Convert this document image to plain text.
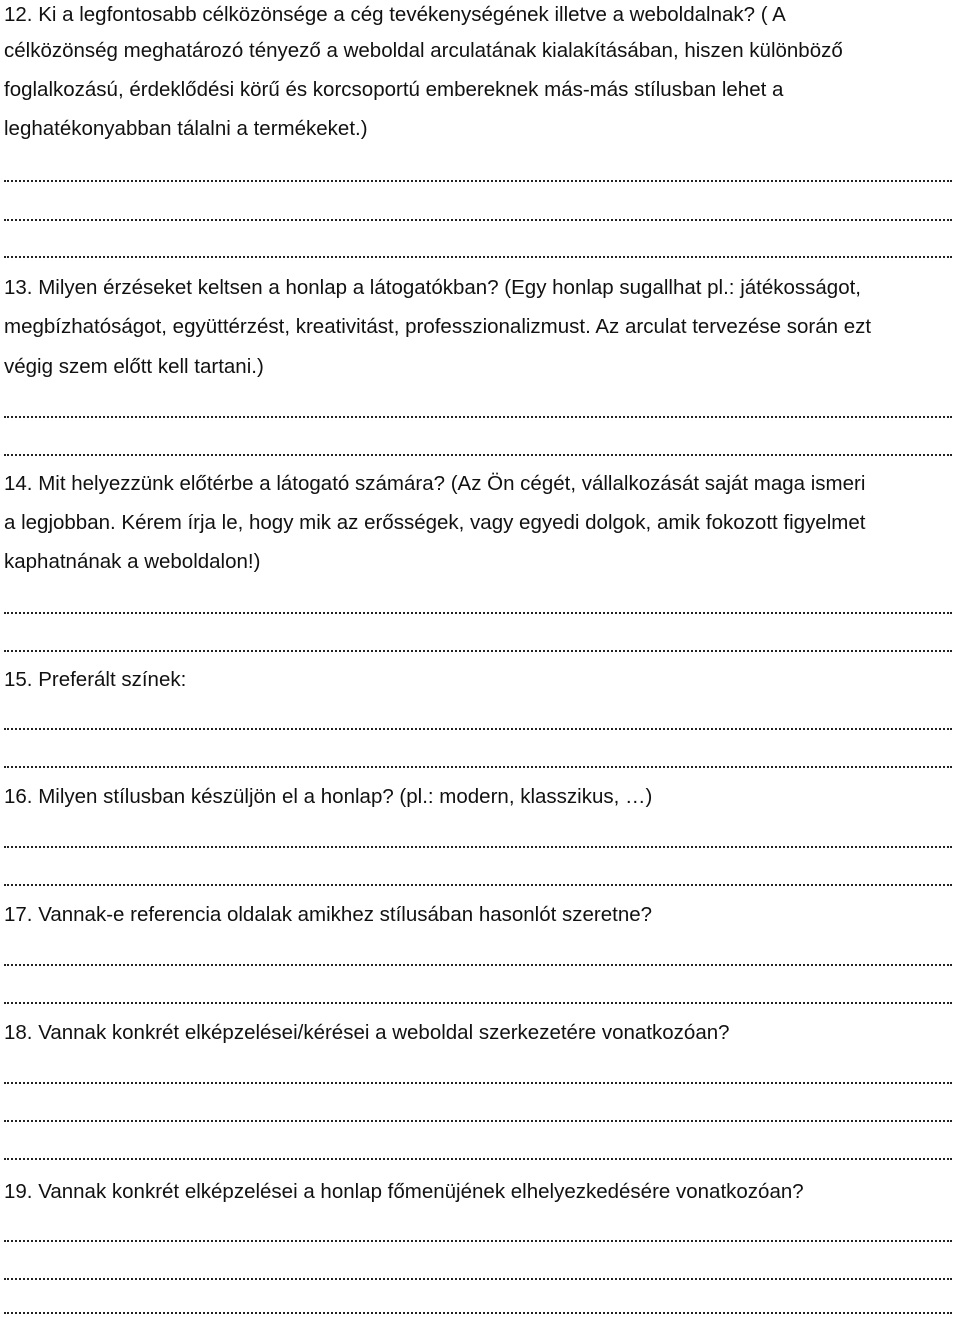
12. Ki a legfontosabb célközönsége a cég tevékenységének illetve a weboldalnak? ( A
célközönség meghatározó tényező a weboldal arculatának kialakításában, hiszen különböző
foglalkozású, érdeklődési körű és korcsoportú embereknek más-más stílusban lehet a
leghatékonyabban tálalni a termékeket.)
13. Milyen érzéseket keltsen a honlap a látogatókban? (Egy honlap sugallhat pl.: játékosságot,
megbízhatóságot, együttérzést, kreativitást, professzionalizmust. Az arculat tervezése során ezt
végig szem előtt kell tartani.)
14. Mit helyezzünk előtérbe a látogató számára? (Az Ön cégét, vállalkozását saját maga ismeri
a legjobban. Kérem írja le, hogy mik az erősségek, vagy egyedi dolgok, amik fokozott figyelmet
kaphatnának a weboldalon!)
15. Preferált színek:
16. Milyen stílusban készüljön el a honlap? (pl.: modern, klasszikus, …)
17. Vannak-e referencia oldalak amikhez stílusában hasonlót szeretne?
18. Vannak konkrét elképzelései/kérései a weboldal szerkezetére vonatkozóan?
19. Vannak konkrét elképzelései a honlap főmenüjének elhelyezkedésére vonatkozóan?
